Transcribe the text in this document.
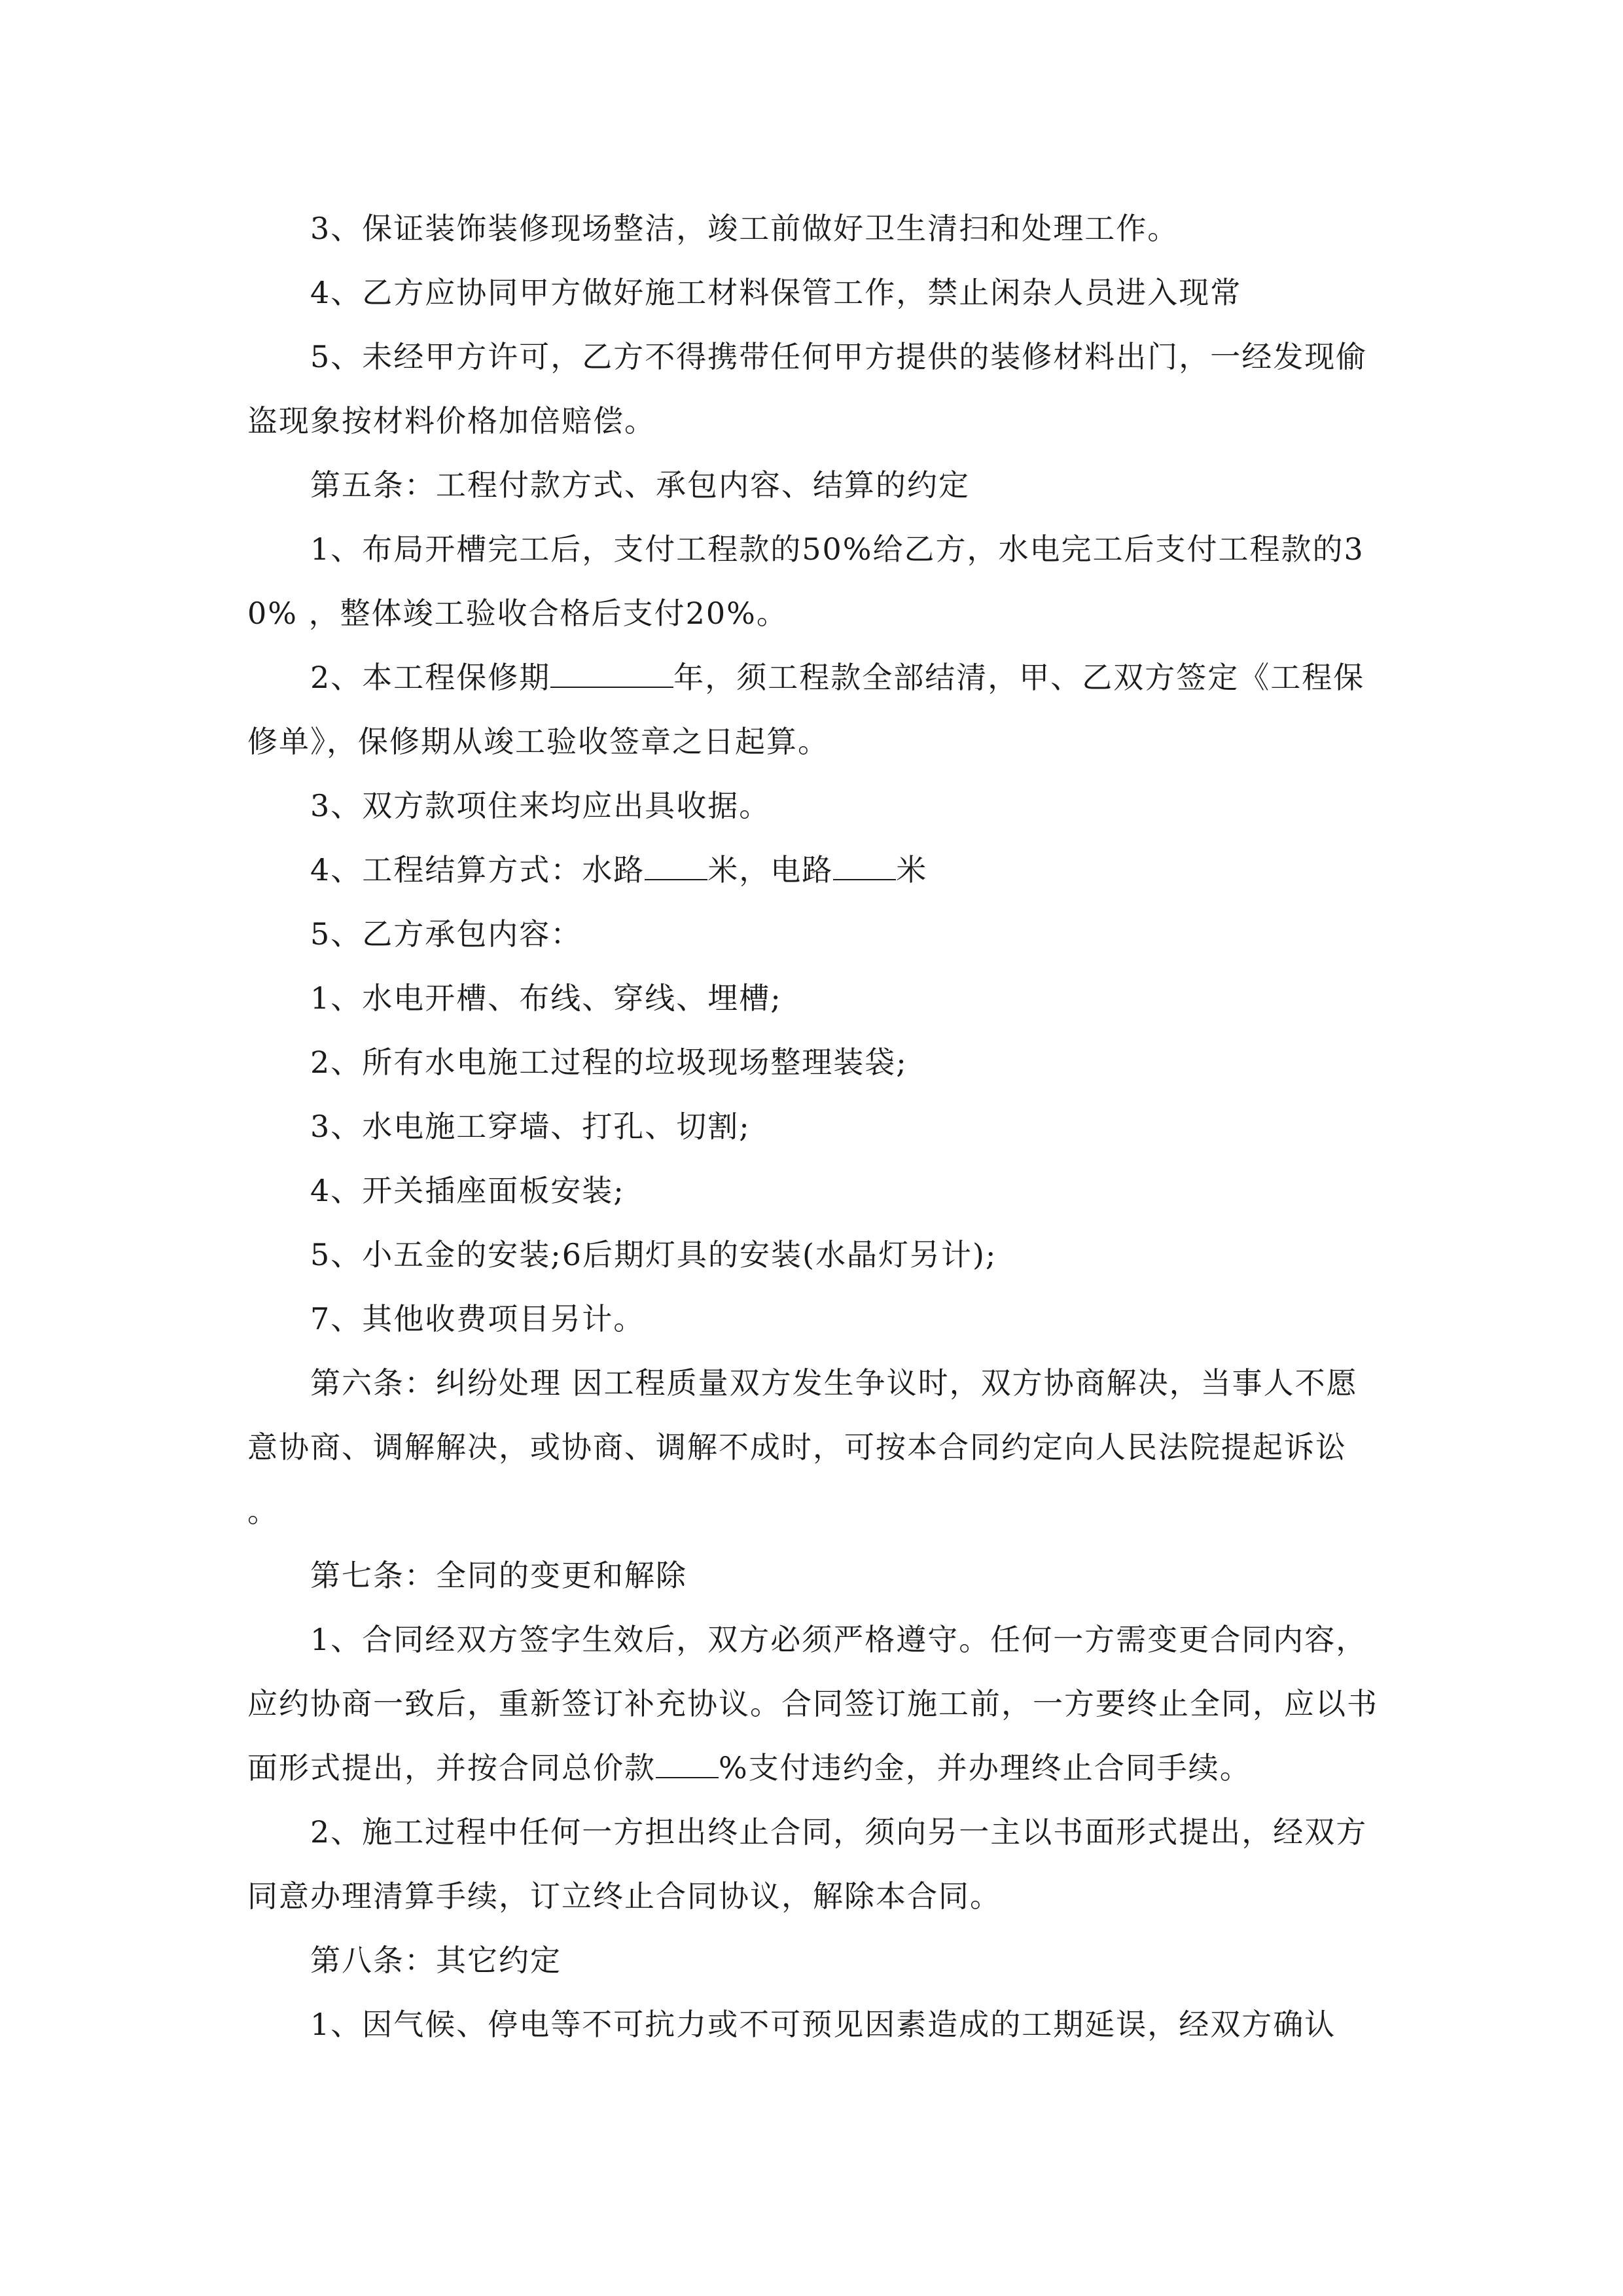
3、保证装饰装修现场整洁，竣工前做好卫生清扫和处理工作。

4、乙方应协同甲方做好施工材料保管工作，禁止闲杂人员进入现常

5、未经甲方许可，乙方不得携带任何甲方提供的装修材料出门，一经发现偷盗现象按材料价格加倍赔偿。

第五条：工程付款方式、承包内容、结算的约定

1、布局开槽完工后，支付工程款的50%给乙方，水电完工后支付工程款的30% ，整体竣工验收合格后支付20%。

2、本工程保修期	年，须工程款全部结清，甲、乙双方签定《工程保修单》，保修期从竣工验收签章之日起算。

3、双方款项住来均应出具收据。

4、工程结算方式：水路 米，电路 米

5、乙方承包内容：

1、水电开槽、布线、穿线、埋槽;

2、所有水电施工过程的垃圾现场整理装袋;

3、水电施工穿墙、打孔、切割;

4、开关插座面板安装;

5、小五金的安装;6后期灯具的安装(水晶灯另计);

7、其他收费项目另计。

第六条：纠纷处理 因工程质量双方发生争议时，双方协商解决，当事人不愿意协商、调解解决，或协商、调解不成时，可按本合同约定向人民法院提起诉讼 。

第七条：全同的变更和解除

1、合同经双方签字生效后，双方必须严格遵守。任何一方需变更合同内容，应约协商一致后，重新签订补充协议。合同签订施工前，一方要终止全同，应以书面形式提出，并按合同总价款 %支付违约金，并办理终止合同手续。

2、施工过程中任何一方担出终止合同，须向另一主以书面形式提出，经双方同意办理清算手续，订立终止合同协议，解除本合同。

第八条：其它约定

1、因气候、停电等不可抗力或不可预见因素造成的工期延误，经双方确认
